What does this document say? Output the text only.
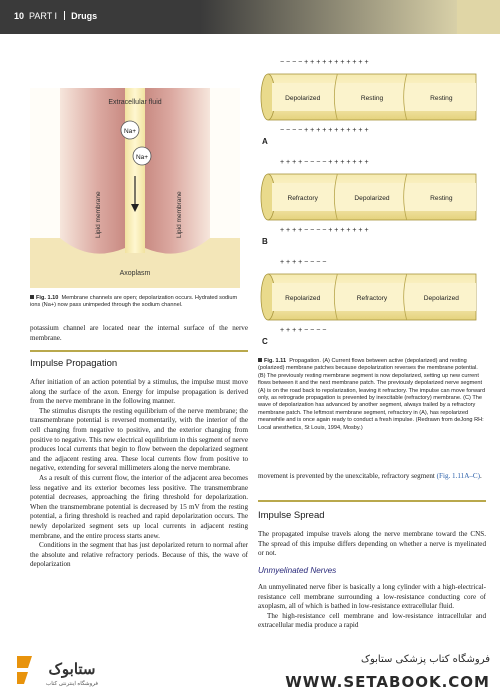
10 PART I Drugs
Extracellular fluid
Na+
Na+
Lipid membrane	Lipid membrane
Axoplasm
Fig. 1.10 Membrane channels are open; depolarization occurs. Hydrated sodium ions (Na+) now pass unimpeded through the sodium channel.
− − − − + + + + + + + + + + +
Depolarized	Resting	Resting
− − − − + + + + + + + + + + +
A
+ + + + − − − − + + + + + + +
Refractory	Depolarized	Resting
+ + + + − − − − + + + + + + +
B
+ + + + − − − −
Repolarized	Refractory	Depolarized
+ + + + − − − −
C
Fig. 1.11 Propagation. (A) Current flows between active (depolarized) and resting (polarized) membrane patches because depolarization reverses the membrane potential. (B) The previously resting membrane segment is now depolarized, setting up new current flows between it and the next membrane patch. The previously depolarized nerve segment (A) is on the road back to repolarization, leaving it refractory. The impulse can move forward only, as retrograde propagation is prevented by inexcitable (refractory) membrane. (C) The wave of depolarization has advanced by another segment, always trailed by a refractory membrane patch. The leftmost membrane segment, refractory in (A), has repolarized meanwhile and is once again ready to conduct a fresh impulse. (Redrawn from deJong RH: Local anesthetics, St Louis, 1994, Mosby.)

potassium channel are located near the internal surface of the nerve membrane.

Impulse Propagation

After initiation of an action potential by a stimulus, the impulse must move along the surface of the axon. Energy for impulse propagation is derived from the nerve membrane in the following manner.

The stimulus disrupts the resting equilibrium of the nerve membrane; the transmembrane potential is reversed momentarily, with the interior of the cell changing from negative to positive, and the exterior changing from positive to negative. This new electrical equilibrium in this segment of nerve produces local currents that begin to flow between the depolarized segment and the adjacent resting area. These local currents flow from positive to negative, extending for several millimeters along the nerve membrane.

As a result of this current flow, the interior of the adjacent area becomes less negative and its exterior becomes less positive. The transmembrane potential decreases, approaching the firing threshold for depolarization. When the transmembrane potential is decreased by 15 mV from the resting potential, a firing threshold is reached and rapid depolarization occurs. The newly depolarized segment sets up local currents in adjacent resting membrane, and the entire process starts anew.

Conditions in the segment that has just depolarized return to normal after the absolute and relative refractory periods. Because of this, the wave of depolarization

movement is prevented by the unexcitable, refractory segment (Fig. 1.11A–C).

Impulse Spread

The propagated impulse travels along the nerve membrane toward the CNS. The spread of this impulse differs depending on whether a nerve is myelinated or not.

Unmyelinated Nerves

An unmyelinated nerve fiber is basically a long cylinder with a high-electrical-resistance cell membrane surrounding a low-resistance conducting core of axoplasm, all of which is bathed in low-resistance extracellular fluid.

The high-resistance cell membrane and low-resistance intracellular and extracellular media produce a rapid

ستابوک
فروشگاه اینترنتی کتاب
فروشگاه کتاب پزشکی ستابوک
WWW.SETABOOK.COM
